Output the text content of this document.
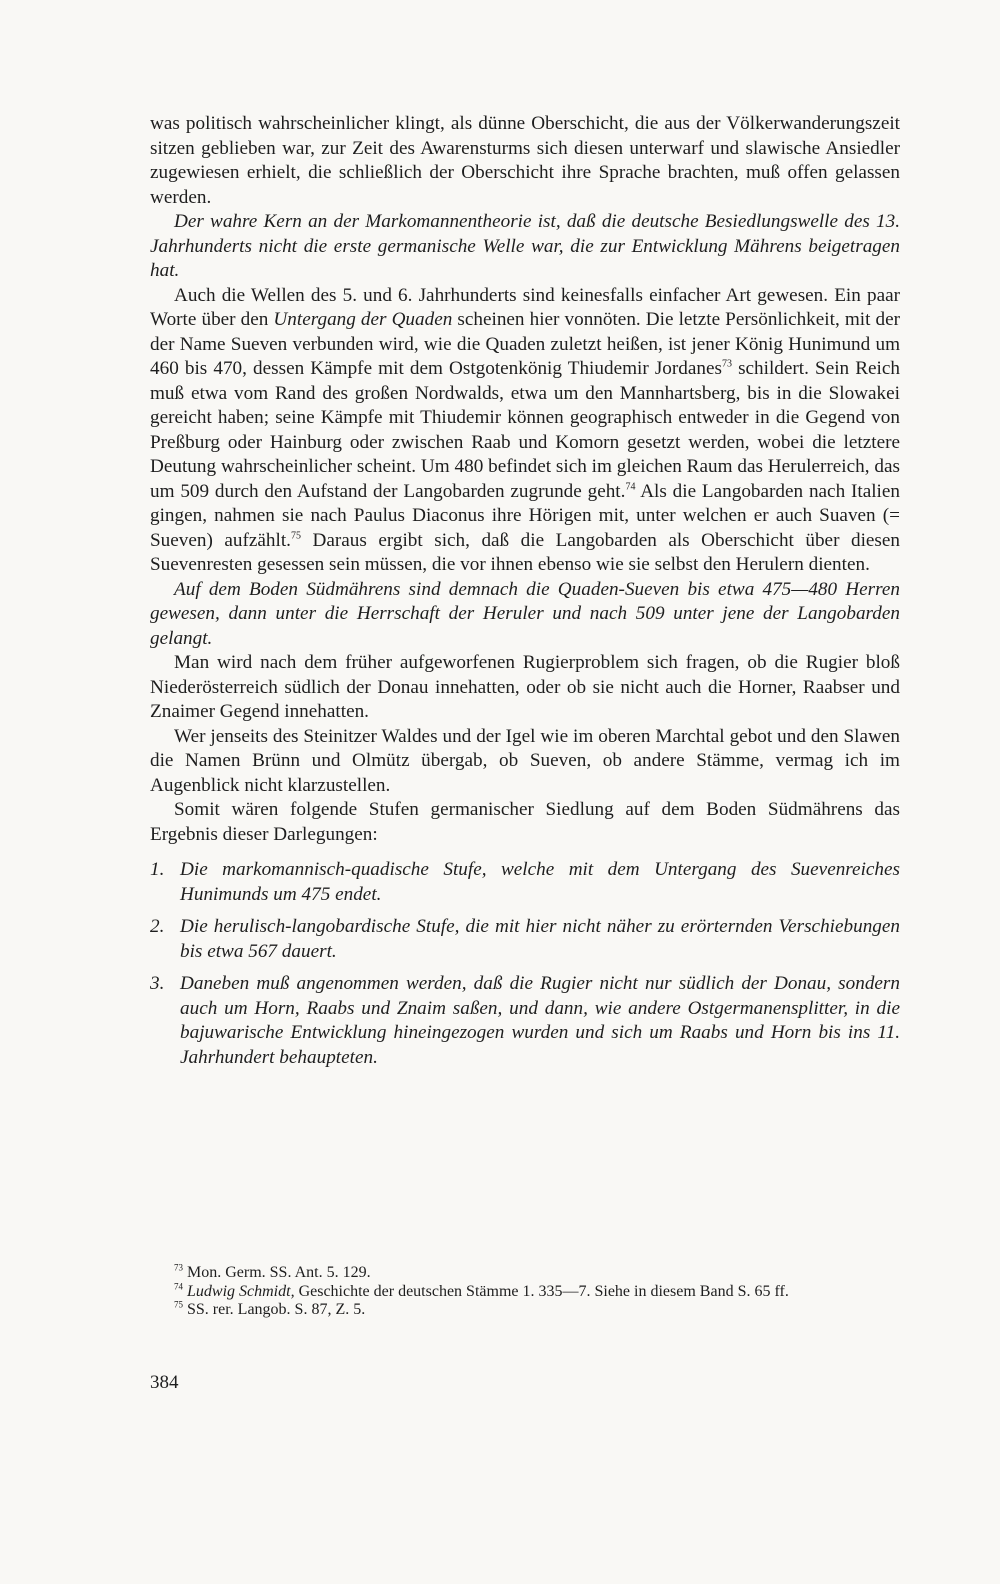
was politisch wahrscheinlicher klingt, als dünne Oberschicht, die aus der Völkerwanderungszeit sitzen geblieben war, zur Zeit des Awarensturms sich diesen unterwarf und slawische Ansiedler zugewiesen erhielt, die schließlich der Oberschicht ihre Sprache brachten, muß offen gelassen werden.

Der wahre Kern an der Markomannentheorie ist, daß die deutsche Besiedlungswelle des 13. Jahrhunderts nicht die erste germanische Welle war, die zur Entwicklung Mährens beigetragen hat.

Auch die Wellen des 5. und 6. Jahrhunderts sind keinesfalls einfacher Art gewesen. Ein paar Worte über den Untergang der Quaden scheinen hier vonnöten. Die letzte Persönlichkeit, mit der der Name Sueven verbunden wird, wie die Quaden zuletzt heißen, ist jener König Hunimund um 460 bis 470, dessen Kämpfe mit dem Ostgotenkönig Thiudemir Jordanes$^{73}$ schildert. Sein Reich muß etwa vom Rand des großen Nordwalds, etwa um den Mannhartsberg, bis in die Slowakei gereicht haben; seine Kämpfe mit Thiudemir können geographisch entweder in die Gegend von Preßburg oder Hainburg oder zwischen Raab und Komorn gesetzt werden, wobei die letztere Deutung wahrscheinlicher scheint. Um 480 befindet sich im gleichen Raum das Herulerreich, das um 509 durch den Aufstand der Langobarden zugrunde geht.$^{74}$ Als die Langobarden nach Italien gingen, nahmen sie nach Paulus Diaconus ihre Hörigen mit, unter welchen er auch Suaven (= Sueven) aufzählt.$^{75}$ Daraus ergibt sich, daß die Langobarden als Oberschicht über diesen Suevenresten gesessen sein müssen, die vor ihnen ebenso wie sie selbst den Herulern dienten.

Auf dem Boden Südmährens sind demnach die Quaden-Sueven bis etwa 475—480 Herren gewesen, dann unter die Herrschaft der Heruler und nach 509 unter jene der Langobarden gelangt.

Man wird nach dem früher aufgeworfenen Rugierproblem sich fragen, ob die Rugier bloß Niederösterreich südlich der Donau innehatten, oder ob sie nicht auch die Horner, Raabser und Znaimer Gegend innehatten.

Wer jenseits des Steinitzer Waldes und der Igel wie im oberen Marchtal gebot und den Slawen die Namen Brünn und Olmütz übergab, ob Sueven, ob andere Stämme, vermag ich im Augenblick nicht klarzustellen.

Somit wären folgende Stufen germanischer Siedlung auf dem Boden Südmährens das Ergebnis dieser Darlegungen:

1. Die markomannisch-quadische Stufe, welche mit dem Untergang des Suevenreiches Hunimunds um 475 endet.
2. Die herulisch-langobardische Stufe, die mit hier nicht näher zu erörternden Verschiebungen bis etwa 567 dauert.
3. Daneben muß angenommen werden, daß die Rugier nicht nur südlich der Donau, sondern auch um Horn, Raabs und Znaim saßen, und dann, wie andere Ostgermanensplitter, in die bajuwarische Entwicklung hineingezogen wurden und sich um Raabs und Horn bis ins 11. Jahrhundert behaupteten.

$^{73}$ Mon. Germ. SS. Ant. 5. 129.

$^{74}$ Ludwig Schmidt, Geschichte der deutschen Stämme 1. 335—7. Siehe in diesem Band S. 65 ff.

$^{75}$ SS. rer. Langob. S. 87, Z. 5.

384
